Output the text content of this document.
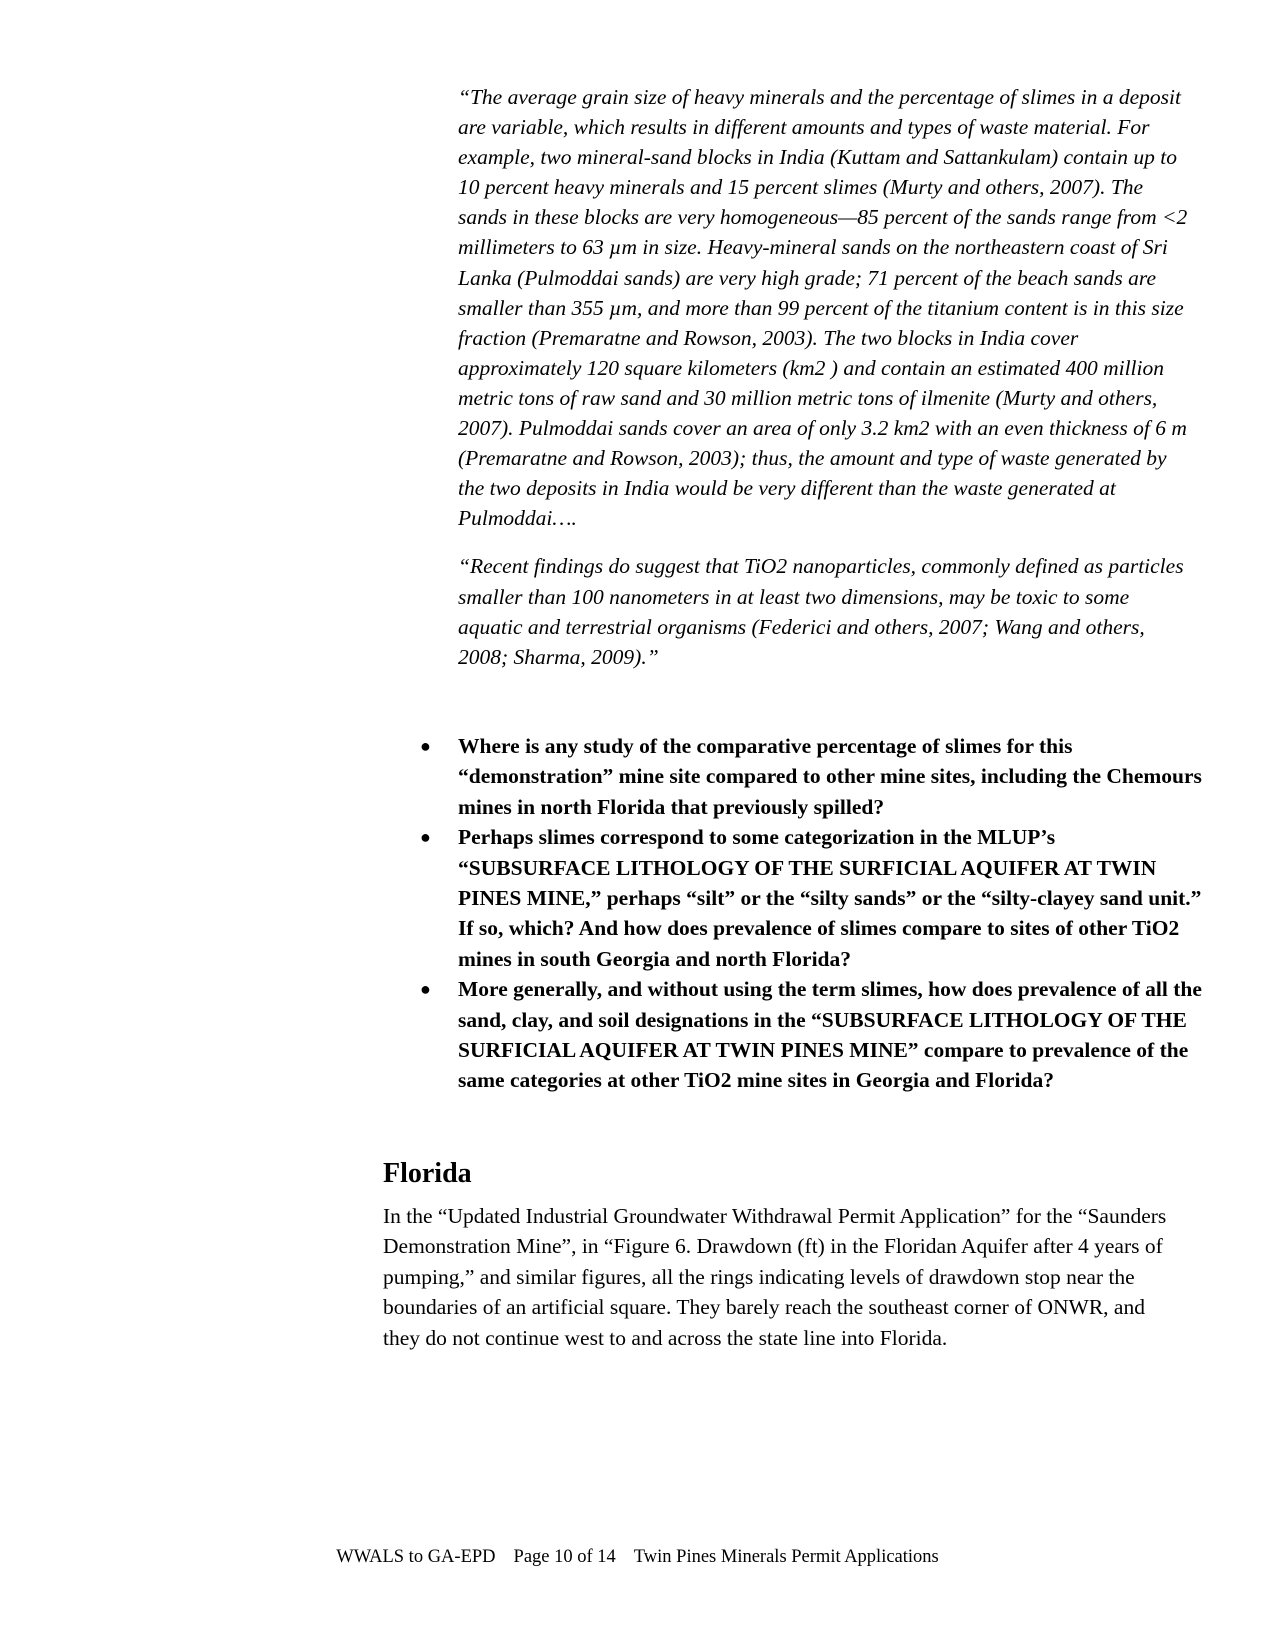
“The average grain size of heavy minerals and the percentage of slimes in a deposit are variable, which results in different amounts and types of waste material. For example, two mineral-sand blocks in India (Kuttam and Sattankulam) contain up to 10 percent heavy minerals and 15 percent slimes (Murty and others, 2007). The sands in these blocks are very homogeneous—85 percent of the sands range from <2 millimeters to 63 µm in size. Heavy-mineral sands on the northeastern coast of Sri Lanka (Pulmoddai sands) are very high grade; 71 percent of the beach sands are smaller than 355 µm, and more than 99 percent of the titanium content is in this size fraction (Premaratne and Rowson, 2003). The two blocks in India cover approximately 120 square kilometers (km2 ) and contain an estimated 400 million metric tons of raw sand and 30 million metric tons of ilmenite (Murty and others, 2007). Pulmoddai sands cover an area of only 3.2 km2 with an even thickness of 6 m (Premaratne and Rowson, 2003); thus, the amount and type of waste generated by the two deposits in India would be very different than the waste generated at Pulmoddai….

“Recent findings do suggest that TiO2 nanoparticles, commonly defined as particles smaller than 100 nanometers in at least two dimensions, may be toxic to some aquatic and terrestrial organisms (Federici and others, 2007; Wang and others, 2008; Sharma, 2009).”

● Where is any study of the comparative percentage of slimes for this “demonstration” mine site compared to other mine sites, including the Chemours mines in north Florida that previously spilled?
● Perhaps slimes correspond to some categorization in the MLUP’s “SUBSURFACE LITHOLOGY OF THE SURFICIAL AQUIFER AT TWIN PINES MINE,” perhaps “silt” or the “silty sands” or the “silty-clayey sand unit.” If so, which? And how does prevalence of slimes compare to sites of other TiO2 mines in south Georgia and north Florida?
● More generally, and without using the term slimes, how does prevalence of all the sand, clay, and soil designations in the “SUBSURFACE LITHOLOGY OF THE SURFICIAL AQUIFER AT TWIN PINES MINE” compare to prevalence of the same categories at other TiO2 mine sites in Georgia and Florida?
Florida

In the “Updated Industrial Groundwater Withdrawal Permit Application” for the “Saunders Demonstration Mine”, in “Figure 6. Drawdown (ft) in the Floridan Aquifer after 4 years of pumping,” and similar figures, all the rings indicating levels of drawdown stop near the boundaries of an artificial square. They barely reach the southeast corner of ONWR, and they do not continue west to and across the state line into Florida.

WWALS to GA-EPD Page 10 of 14 Twin Pines Minerals Permit Applications
